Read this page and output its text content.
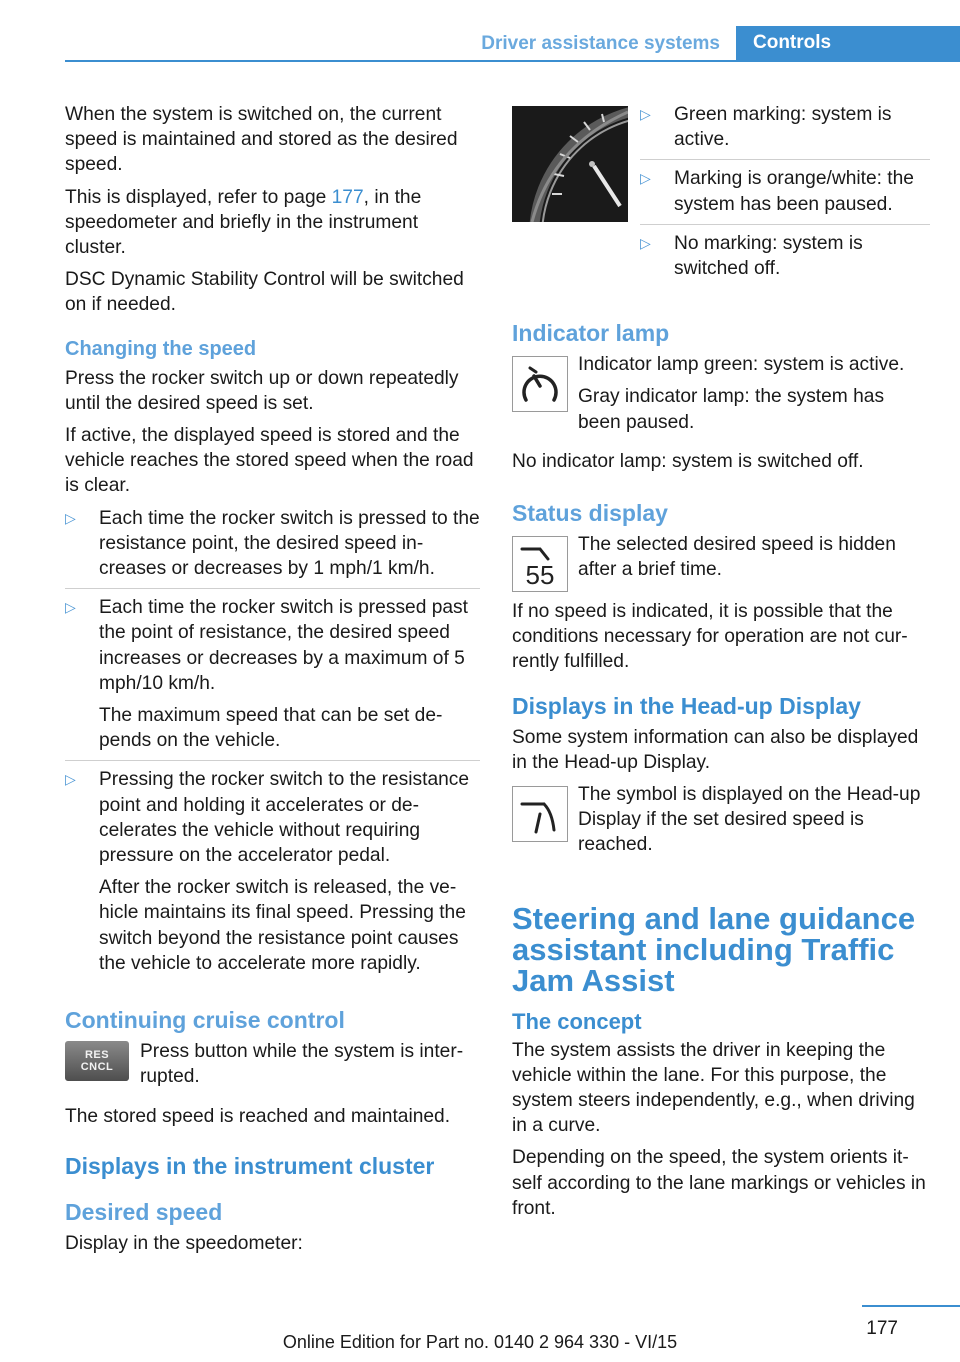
Driver assistance systems	Controls

When the system is switched on, the current speed is maintained and stored as the desired speed.

This is displayed, refer to page 177, in the speedometer and briefly in the instrument cluster.

DSC Dynamic Stability Control will be switched on if needed.

Changing the speed

Press the rocker switch up or down repeatedly until the desired speed is set.

If active, the displayed speed is stored and the vehicle reaches the stored speed when the road is clear.

▷ Each time the rocker switch is pressed to the resistance point, the desired speed increases or decreases by 1 mph/1 km/h.
▷ Each time the rocker switch is pressed past the point of resistance, the desired speed increases or decreases by a maximum of 5 mph/10 km/h.

The maximum speed that can be set depends on the vehicle.

▷ Pressing the rocker switch to the resistance point and holding it accelerates or decelerates the vehicle without requiring pressure on the accelerator pedal.

After the rocker switch is released, the vehicle maintains its final speed. Pressing the switch beyond the resistance point causes the vehicle to accelerate more rapidly.

Continuing cruise control
RES
CNCL

Press button while the system is interrupted.

The stored speed is reached and maintained.

Displays in the instrument cluster
Desired speed

Display in the speedometer:

▷ Green marking: system is active.
▷ Marking is orange/white: the system has been paused.
▷ No marking: system is switched off.
Indicator lamp

Indicator lamp green: system is active.

Gray indicator lamp: the system has been paused.

No indicator lamp: system is switched off.

Status display
55

The selected desired speed is hidden after a brief time.

If no speed is indicated, it is possible that the conditions necessary for operation are not currently fulfilled.

Displays in the Head-up Display

Some system information can also be displayed in the Head-up Display.

The symbol is displayed on the Head-up Display if the set desired speed is reached.

Steering and lane guidance assistant including Traffic Jam Assist
The concept

The system assists the driver in keeping the vehicle within the lane. For this purpose, the system steers independently, e.g., when driving in a curve.

Depending on the speed, the system orients itself according to the lane markings or vehicles in front.

177
Online Edition for Part no. 0140 2 964 330 - VI/15
